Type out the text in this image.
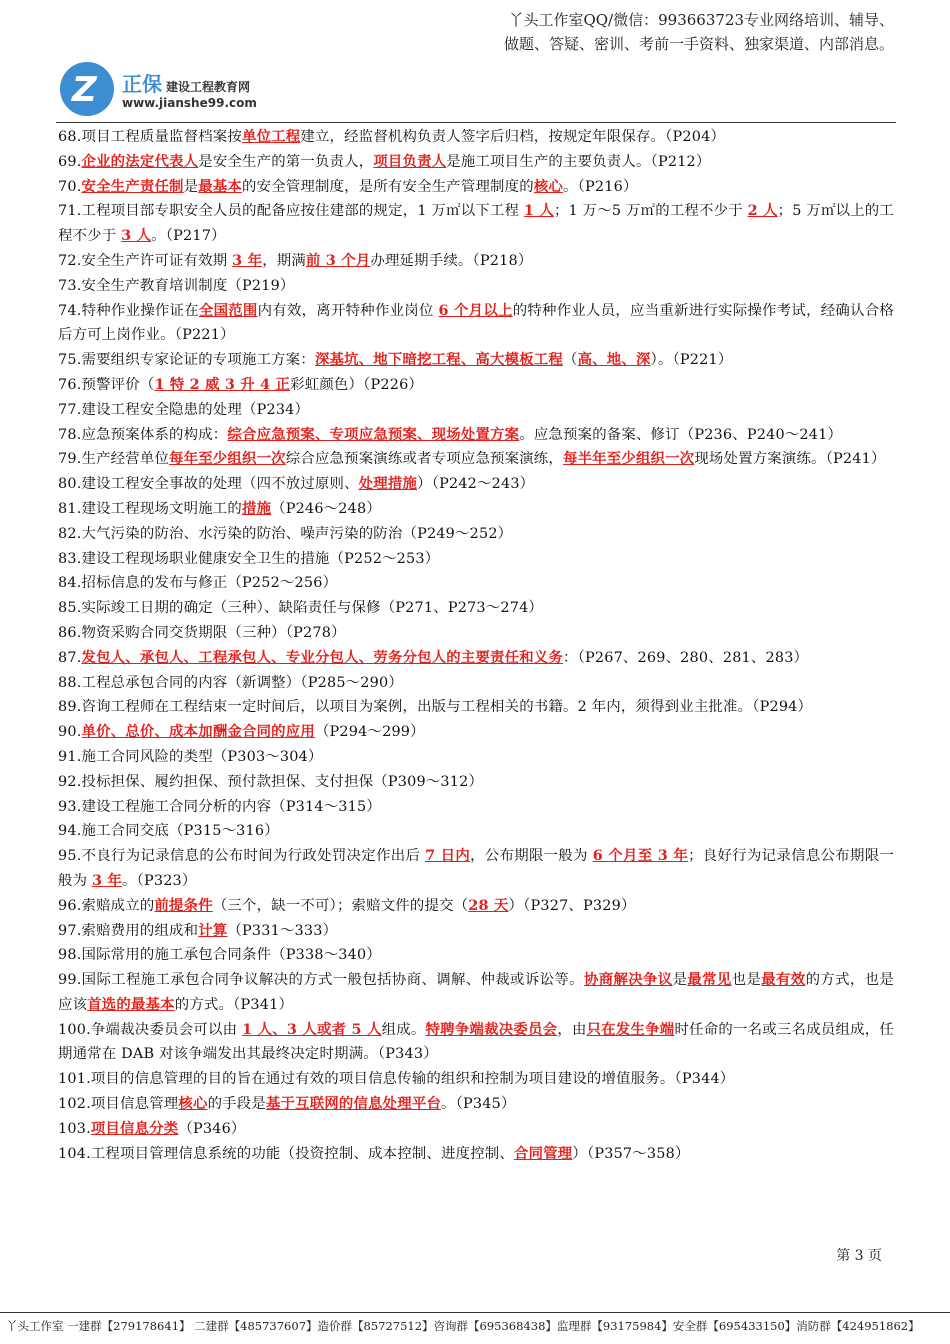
丫头工作室QQ/微信：993663723专业网络培训、辅导、
做题、答疑、密训、考前一手资料、独家渠道、内部消息。
Z 正保 建设工程教育网
www.jianshe99.com

68.项目工程质量监督档案按单位工程建立，经监督机构负责人签字后归档，按规定年限保存。（P204）

69.企业的法定代表人是安全生产的第一负责人，项目负责人是施工项目生产的主要负责人。（P212）

70.安全生产责任制是最基本的安全管理制度，是所有安全生产管理制度的核心。（P216）

71.工程项目部专职安全人员的配备应按住建部的规定，1 万㎡以下工程 1 人；1 万～5 万㎡的工程不少于 2 人；5 万㎡以上的工程不少于 3 人。（P217）

72.安全生产许可证有效期 3 年，期满前 3 个月办理延期手续。（P218）

73.安全生产教育培训制度（P219）

74.特种作业操作证在全国范围内有效，离开特种作业岗位 6 个月以上的特种作业人员，应当重新进行实际操作考试，经确认合格后方可上岗作业。（P221）

75.需要组织专家论证的专项施工方案：深基坑、地下暗挖工程、高大模板工程（高、地、深）。（P221）

76.预警评价（1 特 2 威 3 升 4 正彩虹颜色）（P226）

77.建设工程安全隐患的处理（P234）

78.应急预案体系的构成：综合应急预案、专项应急预案、现场处置方案。应急预案的备案、修订（P236、P240～241）

79.生产经营单位每年至少组织一次综合应急预案演练或者专项应急预案演练，每半年至少组织一次现场处置方案演练。（P241）

80.建设工程安全事故的处理（四不放过原则、处理措施）（P242～243）

81.建设工程现场文明施工的措施（P246～248）

82.大气污染的防治、水污染的防治、噪声污染的防治（P249～252）

83.建设工程现场职业健康安全卫生的措施（P252～253）

84.招标信息的发布与修正（P252～256）

85.实际竣工日期的确定（三种）、缺陷责任与保修（P271、P273～274）

86.物资采购合同交货期限（三种）（P278）

87.发包人、承包人、工程承包人、专业分包人、劳务分包人的主要责任和义务：（P267、269、280、281、283）

88.工程总承包合同的内容（新调整）（P285～290）

89.咨询工程师在工程结束一定时间后，以项目为案例，出版与工程相关的书籍。2 年内，须得到业主批准。（P294）

90.单价、总价、成本加酬金合同的应用（P294～299）

91.施工合同风险的类型（P303～304）

92.投标担保、履约担保、预付款担保、支付担保（P309～312）

93.建设工程施工合同分析的内容（P314～315）

94.施工合同交底（P315～316）

95.不良行为记录信息的公布时间为行政处罚决定作出后 7 日内，公布期限一般为 6 个月至 3 年；良好行为记录信息公布期限一般为 3 年。（P323）

96.索赔成立的前提条件（三个，缺一不可）；索赔文件的提交（28 天）（P327、P329）

97.索赔费用的组成和计算（P331～333）

98.国际常用的施工承包合同条件（P338～340）

99.国际工程施工承包合同争议解决的方式一般包括协商、调解、仲裁或诉讼等。协商解决争议是最常见也是最有效的方式，也是应该首选的最基本的方式。（P341）

100.争端裁决委员会可以由 1 人、3 人或者 5 人组成。特聘争端裁决委员会，由只在发生争端时任命的一名或三名成员组成，任期通常在 DAB 对该争端发出其最终决定时期满。（P343）

101.项目的信息管理的目的旨在通过有效的项目信息传输的组织和控制为项目建设的增值服务。（P344）

102.项目信息管理核心的手段是基于互联网的信息处理平台。（P345）

103.项目信息分类（P346）

104.工程项目管理信息系统的功能（投资控制、成本控制、进度控制、合同管理）（P357～358）

第 3 页
丫头工作室 一建群【279178641】 二建群【485737607】造价群【85727512】咨询群【695368438】监理群【93175984】安全群【695433150】消防群【424951862】
